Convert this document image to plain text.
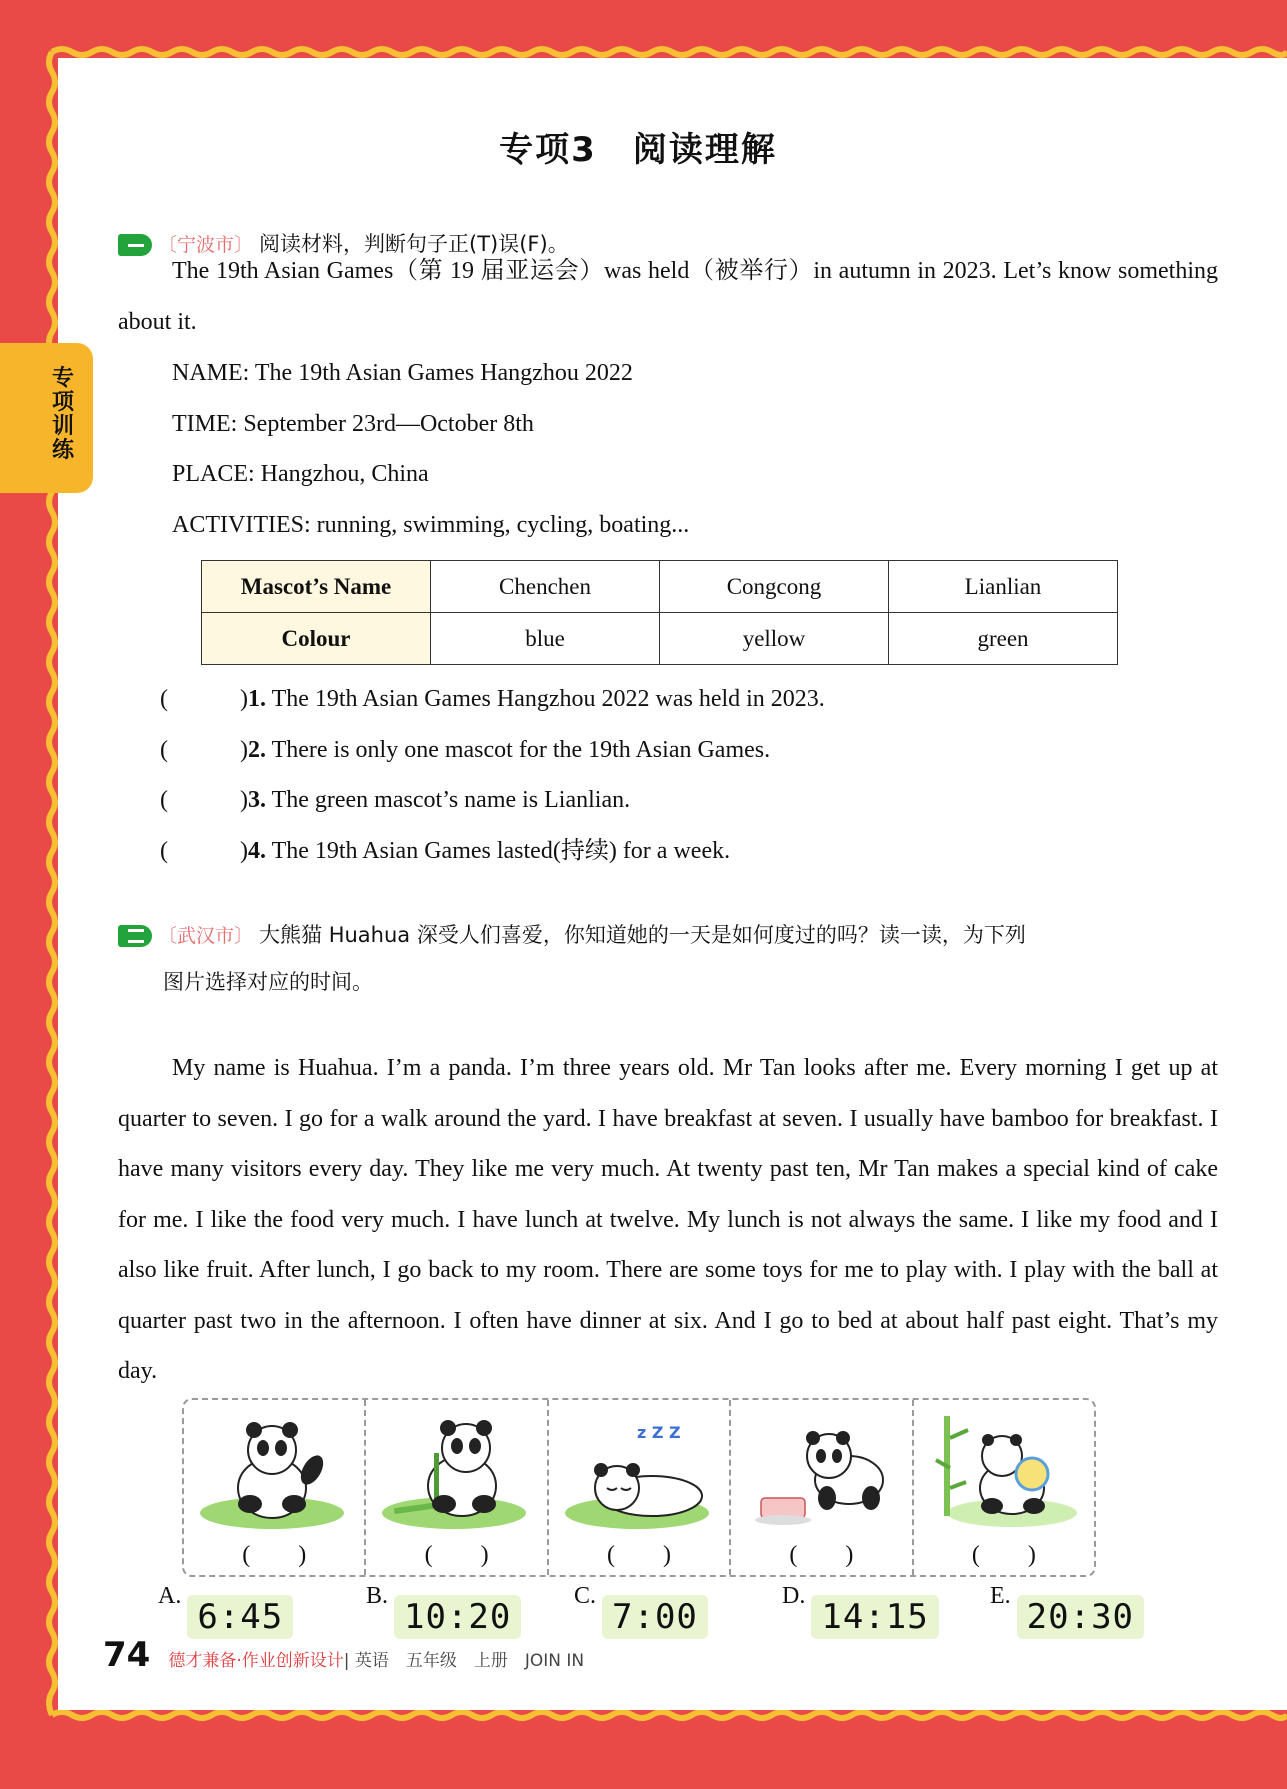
专项3　阅读理解
〔宁波市〕 阅读材料，判断句子正(T)误(F)。
The 19th Asian Games（第 19 届亚运会）was held（被举行）in autumn in 2023. Let’s know something about it.
NAME: The 19th Asian Games Hangzhou 2022
TIME: September 23rd—October 8th
PLACE: Hangzhou, China
ACTIVITIES: running, swimming, cycling, boating...
Mascot’s Name	Chenchen	Congcong	Lianlian
Colour	blue	yellow	green
(　　　)1. The 19th Asian Games Hangzhou 2022 was held in 2023.
(　　　)2. There is only one mascot for the 19th Asian Games.
(　　　)3. The green mascot’s name is Lianlian.
(　　　)4. The 19th Asian Games lasted(持续) for a week.
〔武汉市〕 大熊猫 Huahua 深受人们喜爱，你知道她的一天是如何度过的吗？读一读，为下列
图片选择对应的时间。
My name is Huahua. I’m a panda. I’m three years old. Mr Tan looks after me. Every morning I get up at quarter to seven. I go for a walk around the yard. I have breakfast at seven. I usually have bamboo for breakfast. I have many visitors every day. They like me very much. At twenty past ten, Mr Tan makes a special kind of cake for me. I like the food very much. I have lunch at twelve. My lunch is not always the same. I like my food and I also like fruit. After lunch, I go back to my room. There are some toys for me to play with. I play with the ball at quarter past two in the afternoon. I often have dinner at six. And I go to bed at about half past eight. That’s my day.
(　　)	(　　)
z Z Z
(　　)	(　　)	(　　)
A.6:45
B.10:20
C.7:00
D.14:15
E.20:30
74 德才兼备·作业创新设计| 英语　五年级　上册　JOIN IN
专项训练
